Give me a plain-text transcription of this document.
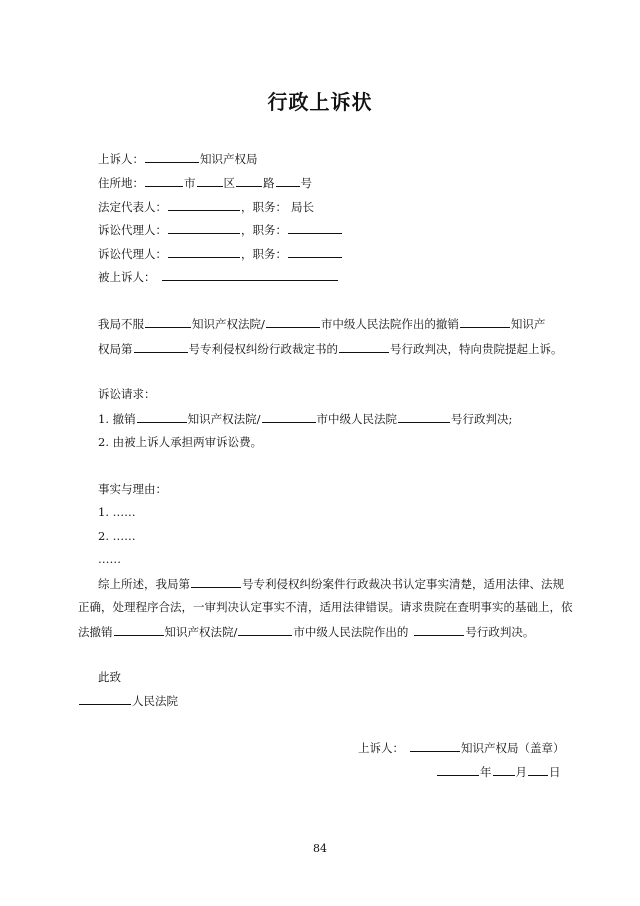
行政上诉状
上诉人：	知识产权局
住所地：	市 区 路 号
法定代表人：	，职务： 局长
诉讼代理人：	，职务：
诉讼代理人：	，职务：
被上诉人：
我局不服	知识产权法院/	市中级人民法院作出的撤销	知识产
权局第	号专利侵权纠纷行政裁定书的	号行政判决，特向贵院提起上诉。
诉讼请求：
1. 撤销	知识产权法院/	市中级人民法院	号行政判决;
2. 由被上诉人承担两审诉讼费。
事实与理由：
1. ……
2. ……
……
综上所述，我局第	号专利侵权纠纷案件行政裁决书认定事实清楚，适用法律、法规
正确，处理程序合法，一审判决认定事实不清，适用法律错误。请求贵院在查明事实的基础上，依
法撤销	知识产权法院/	市中级人民法院作出的	号行政判决。
此致
人民法院
上诉人：	知识产权局（盖章）
年 月 日
84
